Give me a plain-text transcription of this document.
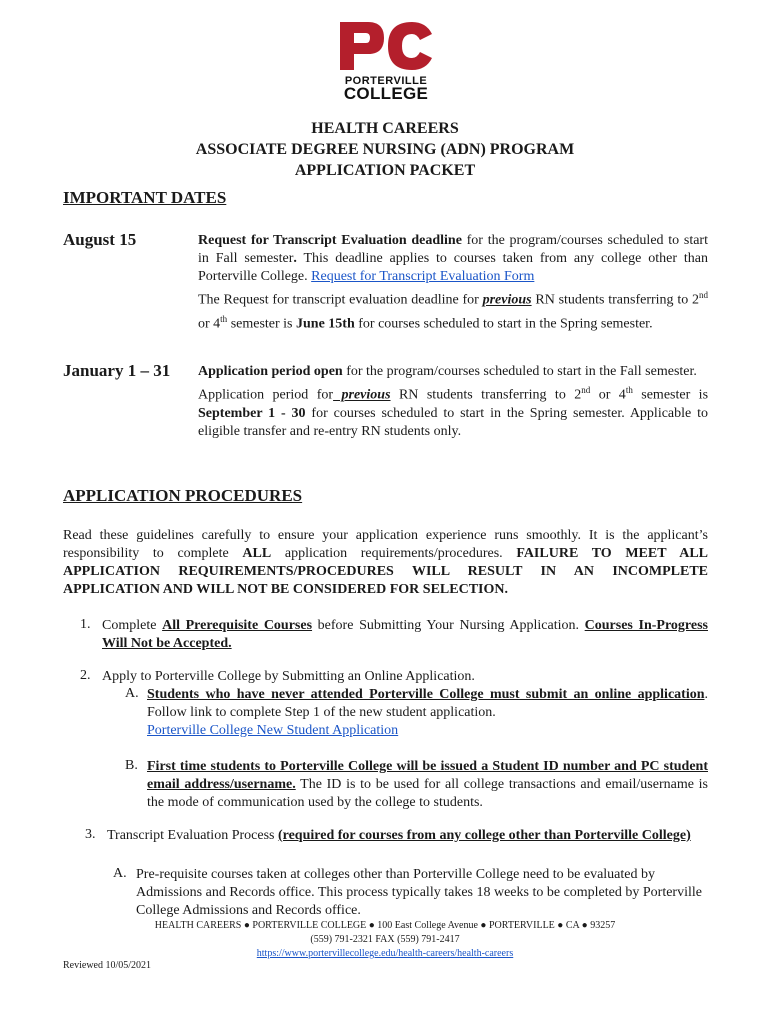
PORTERVILLE
COLLEGE
HEALTH CAREERS
ASSOCIATE DEGREE NURSING (ADN) PROGRAM
APPLICATION PACKET
IMPORTANT DATES
August 15	Request for Transcript Evaluation deadline for the program/courses scheduled to start in Fall semester. This deadline applies to courses taken from any college other than Porterville College. Request for Transcript Evaluation Form

The Request for transcript evaluation deadline for previous RN students transferring to 2nd or 4th semester is June 15th for courses scheduled to start in the Spring semester.

January 1 – 31 Application period open for the program/courses scheduled to start in the Fall semester.

Application period for previous RN students transferring to 2nd or 4th semester is September 1 - 30 for courses scheduled to start in the Spring semester. Applicable to eligible transfer and re-entry RN students only.

APPLICATION PROCEDURES
Read these guidelines carefully to ensure your application experience runs smoothly. It is the applicant’s responsibility to complete ALL application requirements/procedures. FAILURE TO MEET ALL APPLICATION REQUIREMENTS/PROCEDURES WILL RESULT IN AN INCOMPLETE APPLICATION AND WILL NOT BE CONSIDERED FOR SELECTION.
1. Complete All Prerequisite Courses before Submitting Your Nursing Application. Courses In-Progress Will Not be Accepted.
2. Apply to Porterville College by Submitting an Online Application.
A. Students who have never attended Porterville College must submit an online application. Follow link to complete Step 1 of the new student application.
Porterville College New Student Application
B. First time students to Porterville College will be issued a Student ID number and PC student email address/username. The ID is to be used for all college transactions and email/username is the mode of communication used by the college to students.
3. Transcript Evaluation Process (required for courses from any college other than Porterville College)
A. Pre-requisite courses taken at colleges other than Porterville College need to be evaluated by Admissions and Records office. This process typically takes 18 weeks to be completed by Porterville College Admissions and Records office.
HEALTH CAREERS ● PORTERVILLE COLLEGE ● 100 East College Avenue ● PORTERVILLE ● CA ● 93257
(559) 791-2321 FAX (559) 791-2417
https://www.portervillecollege.edu/health-careers/health-careers
Reviewed 10/05/2021
